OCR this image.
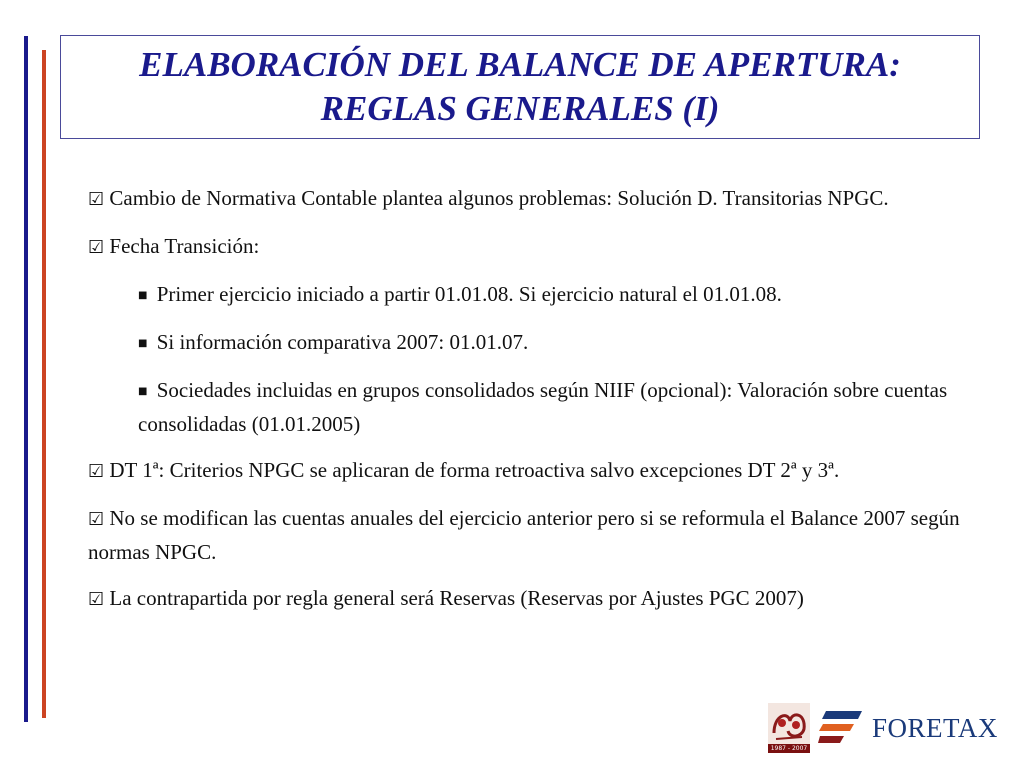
ELABORACIÓN DEL BALANCE DE APERTURA:
REGLAS GENERALES (I)

☑ Cambio de Normativa Contable plantea algunos problemas: Solución D. Transitorias NPGC.

☑ Fecha Transición:

■ Primer ejercicio iniciado a partir 01.01.08. Si ejercicio natural el 01.01.08.

■ Si información comparativa 2007: 01.01.07.

■ Sociedades incluidas en grupos consolidados según NIIF (opcional): Valoración sobre cuentas consolidadas (01.01.2005)

☑ DT 1ª: Criterios NPGC se aplicaran de forma retroactiva salvo excepciones DT 2ª y 3ª.

☑ No se modifican las cuentas anuales del ejercicio anterior pero si se reformula el Balance 2007 según normas NPGC.

☑ La contrapartida por regla general será Reservas (Reservas por Ajustes PGC 2007)

1987 - 2007
FORETAX
